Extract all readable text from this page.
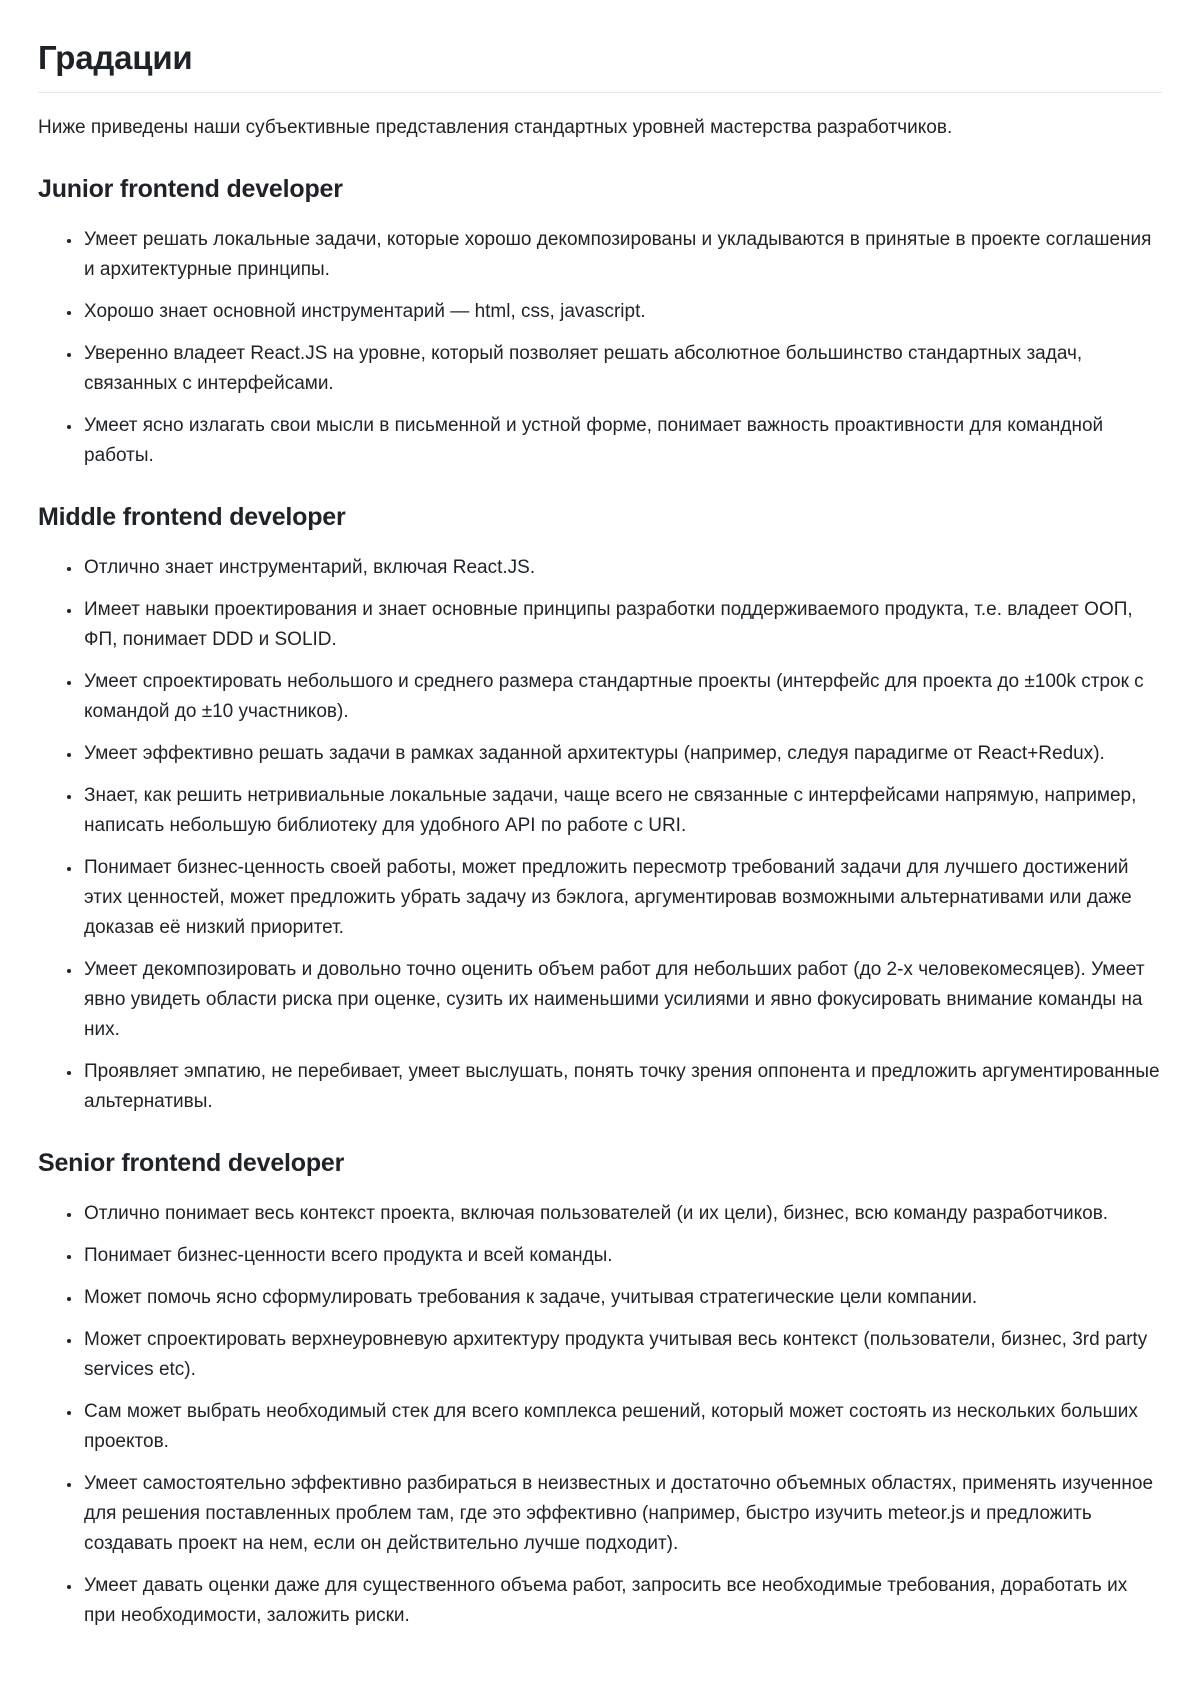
Градации

Ниже приведены наши субъективные представления стандартных уровней мастерства разработчиков.

Junior frontend developer
• Умеет решать локальные задачи, которые хорошо декомпозированы и укладываются в принятые в проекте соглашения и архитектурные принципы.
• Хорошо знает основной инструментарий — html, css, javascript.
• Уверенно владеет React.JS на уровне, который позволяет решать абсолютное большинство стандартных задач, связанных с интерфейсами.
• Умеет ясно излагать свои мысли в письменной и устной форме, понимает важность проактивности для командной работы.
Middle frontend developer
• Отлично знает инструментарий, включая React.JS.
• Имеет навыки проектирования и знает основные принципы разработки поддерживаемого продукта, т.е. владеет ООП, ФП, понимает DDD и SOLID.
• Умеет спроектировать небольшого и среднего размера стандартные проекты (интерфейс для проекта до ±100k строк с командой до ±10 участников).
• Умеет эффективно решать задачи в рамках заданной архитектуры (например, следуя парадигме от React+Redux).
• Знает, как решить нетривиальные локальные задачи, чаще всего не связанные с интерфейсами напрямую, например, написать небольшую библиотеку для удобного API по работе с URI.
• Понимает бизнес-ценность своей работы, может предложить пересмотр требований задачи для лучшего достижений этих ценностей, может предложить убрать задачу из бэклога, аргументировав возможными альтернативами или даже доказав её низкий приоритет.
• Умеет декомпозировать и довольно точно оценить объем работ для небольших работ (до 2-х человекомесяцев). Умеет явно увидеть области риска при оценке, сузить их наименьшими усилиями и явно фокусировать внимание команды на них.
• Проявляет эмпатию, не перебивает, умеет выслушать, понять точку зрения оппонента и предложить аргументированные альтернативы.
Senior frontend developer
• Отлично понимает весь контекст проекта, включая пользователей (и их цели), бизнес, всю команду разработчиков.
• Понимает бизнес-ценности всего продукта и всей команды.
• Может помочь ясно сформулировать требования к задаче, учитывая стратегические цели компании.
• Может спроектировать верхнеуровневую архитектуру продукта учитывая весь контекст (пользователи, бизнес, 3rd party services etc).
• Сам может выбрать необходимый стек для всего комплекса решений, который может состоять из нескольких больших проектов.
• Умеет самостоятельно эффективно разбираться в неизвестных и достаточно объемных областях, применять изученное для решения поставленных проблем там, где это эффективно (например, быстро изучить meteor.js и предложить создавать проект на нем, если он действительно лучше подходит).
• Умеет давать оценки даже для существенного объема работ, запросить все необходимые требования, доработать их при необходимости, заложить риски.
